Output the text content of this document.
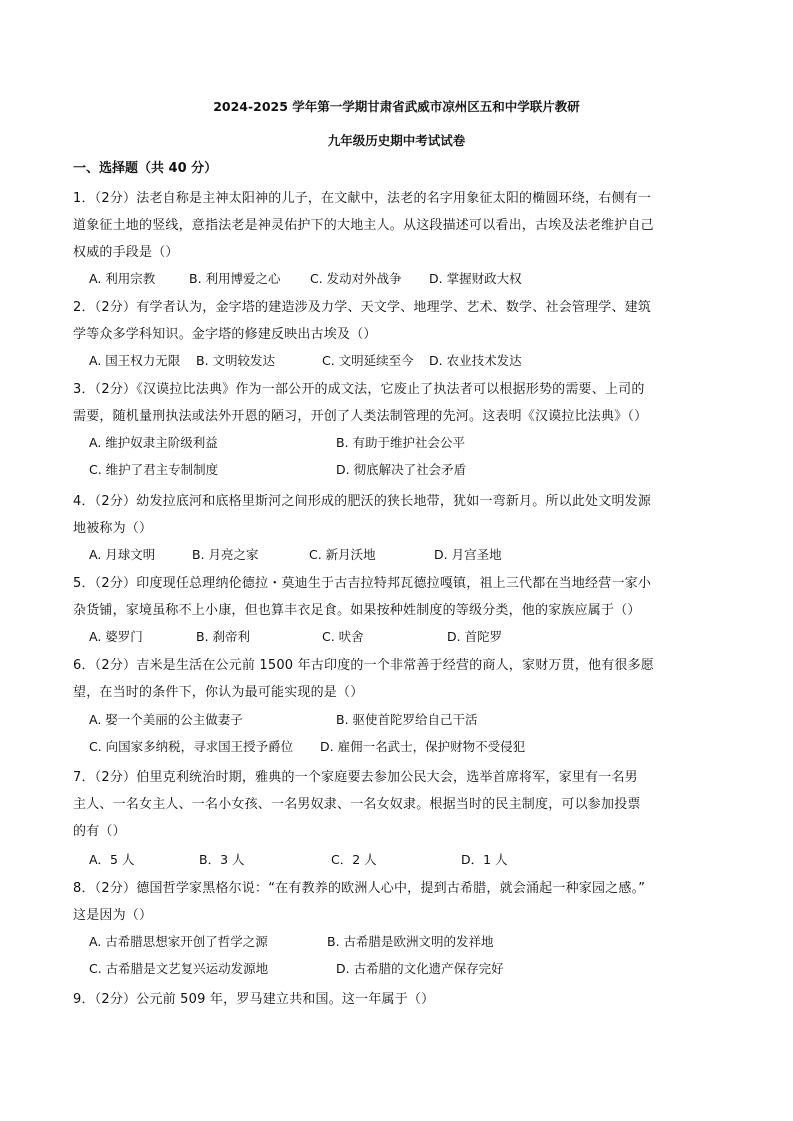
2024-2025 学年第一学期甘肃省武威市凉州区五和中学联片教研
九年级历史期中考试试卷
一、选择题（共 40 分）
1．（2分）法老自称是主神太阳神的儿子，在文献中，法老的名字用象征太阳的椭圆环绕，右侧有一
道象征土地的竖线，意指法老是神灵佑护下的大地主人。从这段描述可以看出，古埃及法老维护自己
权威的手段是（）
A. 利用宗教	B. 利用博爱之心 C. 发动对外战争 D. 掌握财政大权
2．（2分）有学者认为，金字塔的建造涉及力学、天文学、地理学、艺术、数学、社会管理学、建筑
学等众多学科知识。金字塔的修建反映出古埃及（）
A. 国王权力无限 B. 文明较发达	C. 文明延续至今 D. 农业技术发达
3．（2分）《汉谟拉比法典》作为一部公开的成文法，它废止了执法者可以根据形势的需要、上司的
需要，随机量刑执法或法外开恩的陋习，开创了人类法制管理的先河。这表明《汉谟拉比法典》（）
A. 维护奴隶主阶级利益	B. 有助于维护社会公平
C. 维护了君主专制制度	D. 彻底解决了社会矛盾
4．（2分）幼发拉底河和底格里斯河之间形成的肥沃的狭长地带，犹如一弯新月。所以此处文明发源
地被称为（）
A. 月球文明	B. 月亮之家	C. 新月沃地	D. 月宫圣地
5．（2分）印度现任总理纳伦德拉・莫迪生于古吉拉特邦瓦德拉嘎镇，祖上三代都在当地经营一家小
杂货铺，家境虽称不上小康，但也算丰衣足食。如果按种姓制度的等级分类，他的家族应属于（）
A. 婆罗门	B. 刹帝利	C. 吠舍	D. 首陀罗
6．（2分）吉米是生活在公元前 1500 年古印度的一个非常善于经营的商人，家财万贯，他有很多愿
望，在当时的条件下，你认为最可能实现的是（）
A. 娶一个美丽的公主做妻子	B. 驱使首陀罗给自己干活
C. 向国家多纳税，寻求国王授予爵位 D. 雇佣一名武士，保护财物不受侵犯
7．（2分）伯里克利统治时期，雅典的一个家庭要去参加公民大会，选举首席将军，家里有一名男
主人、一名女主人、一名小女孩、一名男奴隶、一名女奴隶。根据当时的民主制度，可以参加投票
的有（）
A．5 人	B．3 人	C．2 人	D．1 人
8．（2分）德国哲学家黑格尔说：“在有教养的欧洲人心中，提到古希腊，就会涌起一种家园之感。”
这是因为（）
A. 古希腊思想家开创了哲学之源	B. 古希腊是欧洲文明的发祥地
C. 古希腊是文艺复兴运动发源地	D. 古希腊的文化遗产保存完好
9．（2分）公元前 509 年，罗马建立共和国。这一年属于（）
